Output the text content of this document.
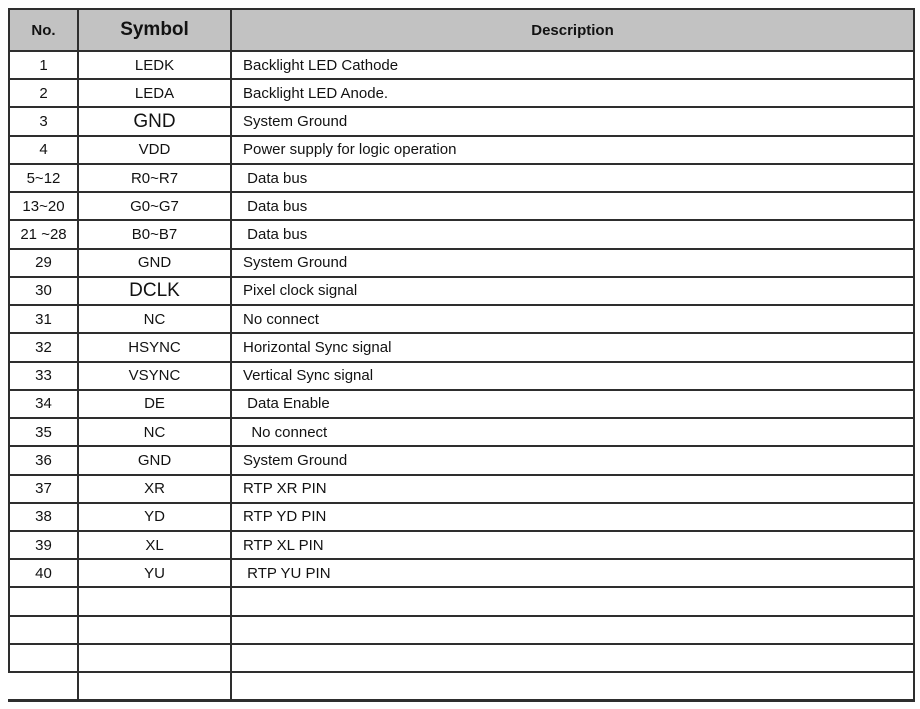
No.	Symbol	Description
1	LEDK	Backlight LED Cathode
2	LEDA	Backlight LED Anode.
3	GND	System Ground
4	VDD	Power supply for logic operation
5~12	R0~R7	Data bus
13~20	G0~G7	Data bus
21 ~28	B0~B7	Data bus
29	GND	System Ground
30	DCLK	Pixel clock signal
31	NC	No connect
32	HSYNC	Horizontal Sync signal
33	VSYNC	Vertical Sync signal
34	DE	Data Enable
35	NC	No connect
36	GND	System Ground
37	XR	RTP XR PIN
38	YD	RTP YD PIN
39	XL	RTP XL PIN
40	YU	RTP YU PIN
